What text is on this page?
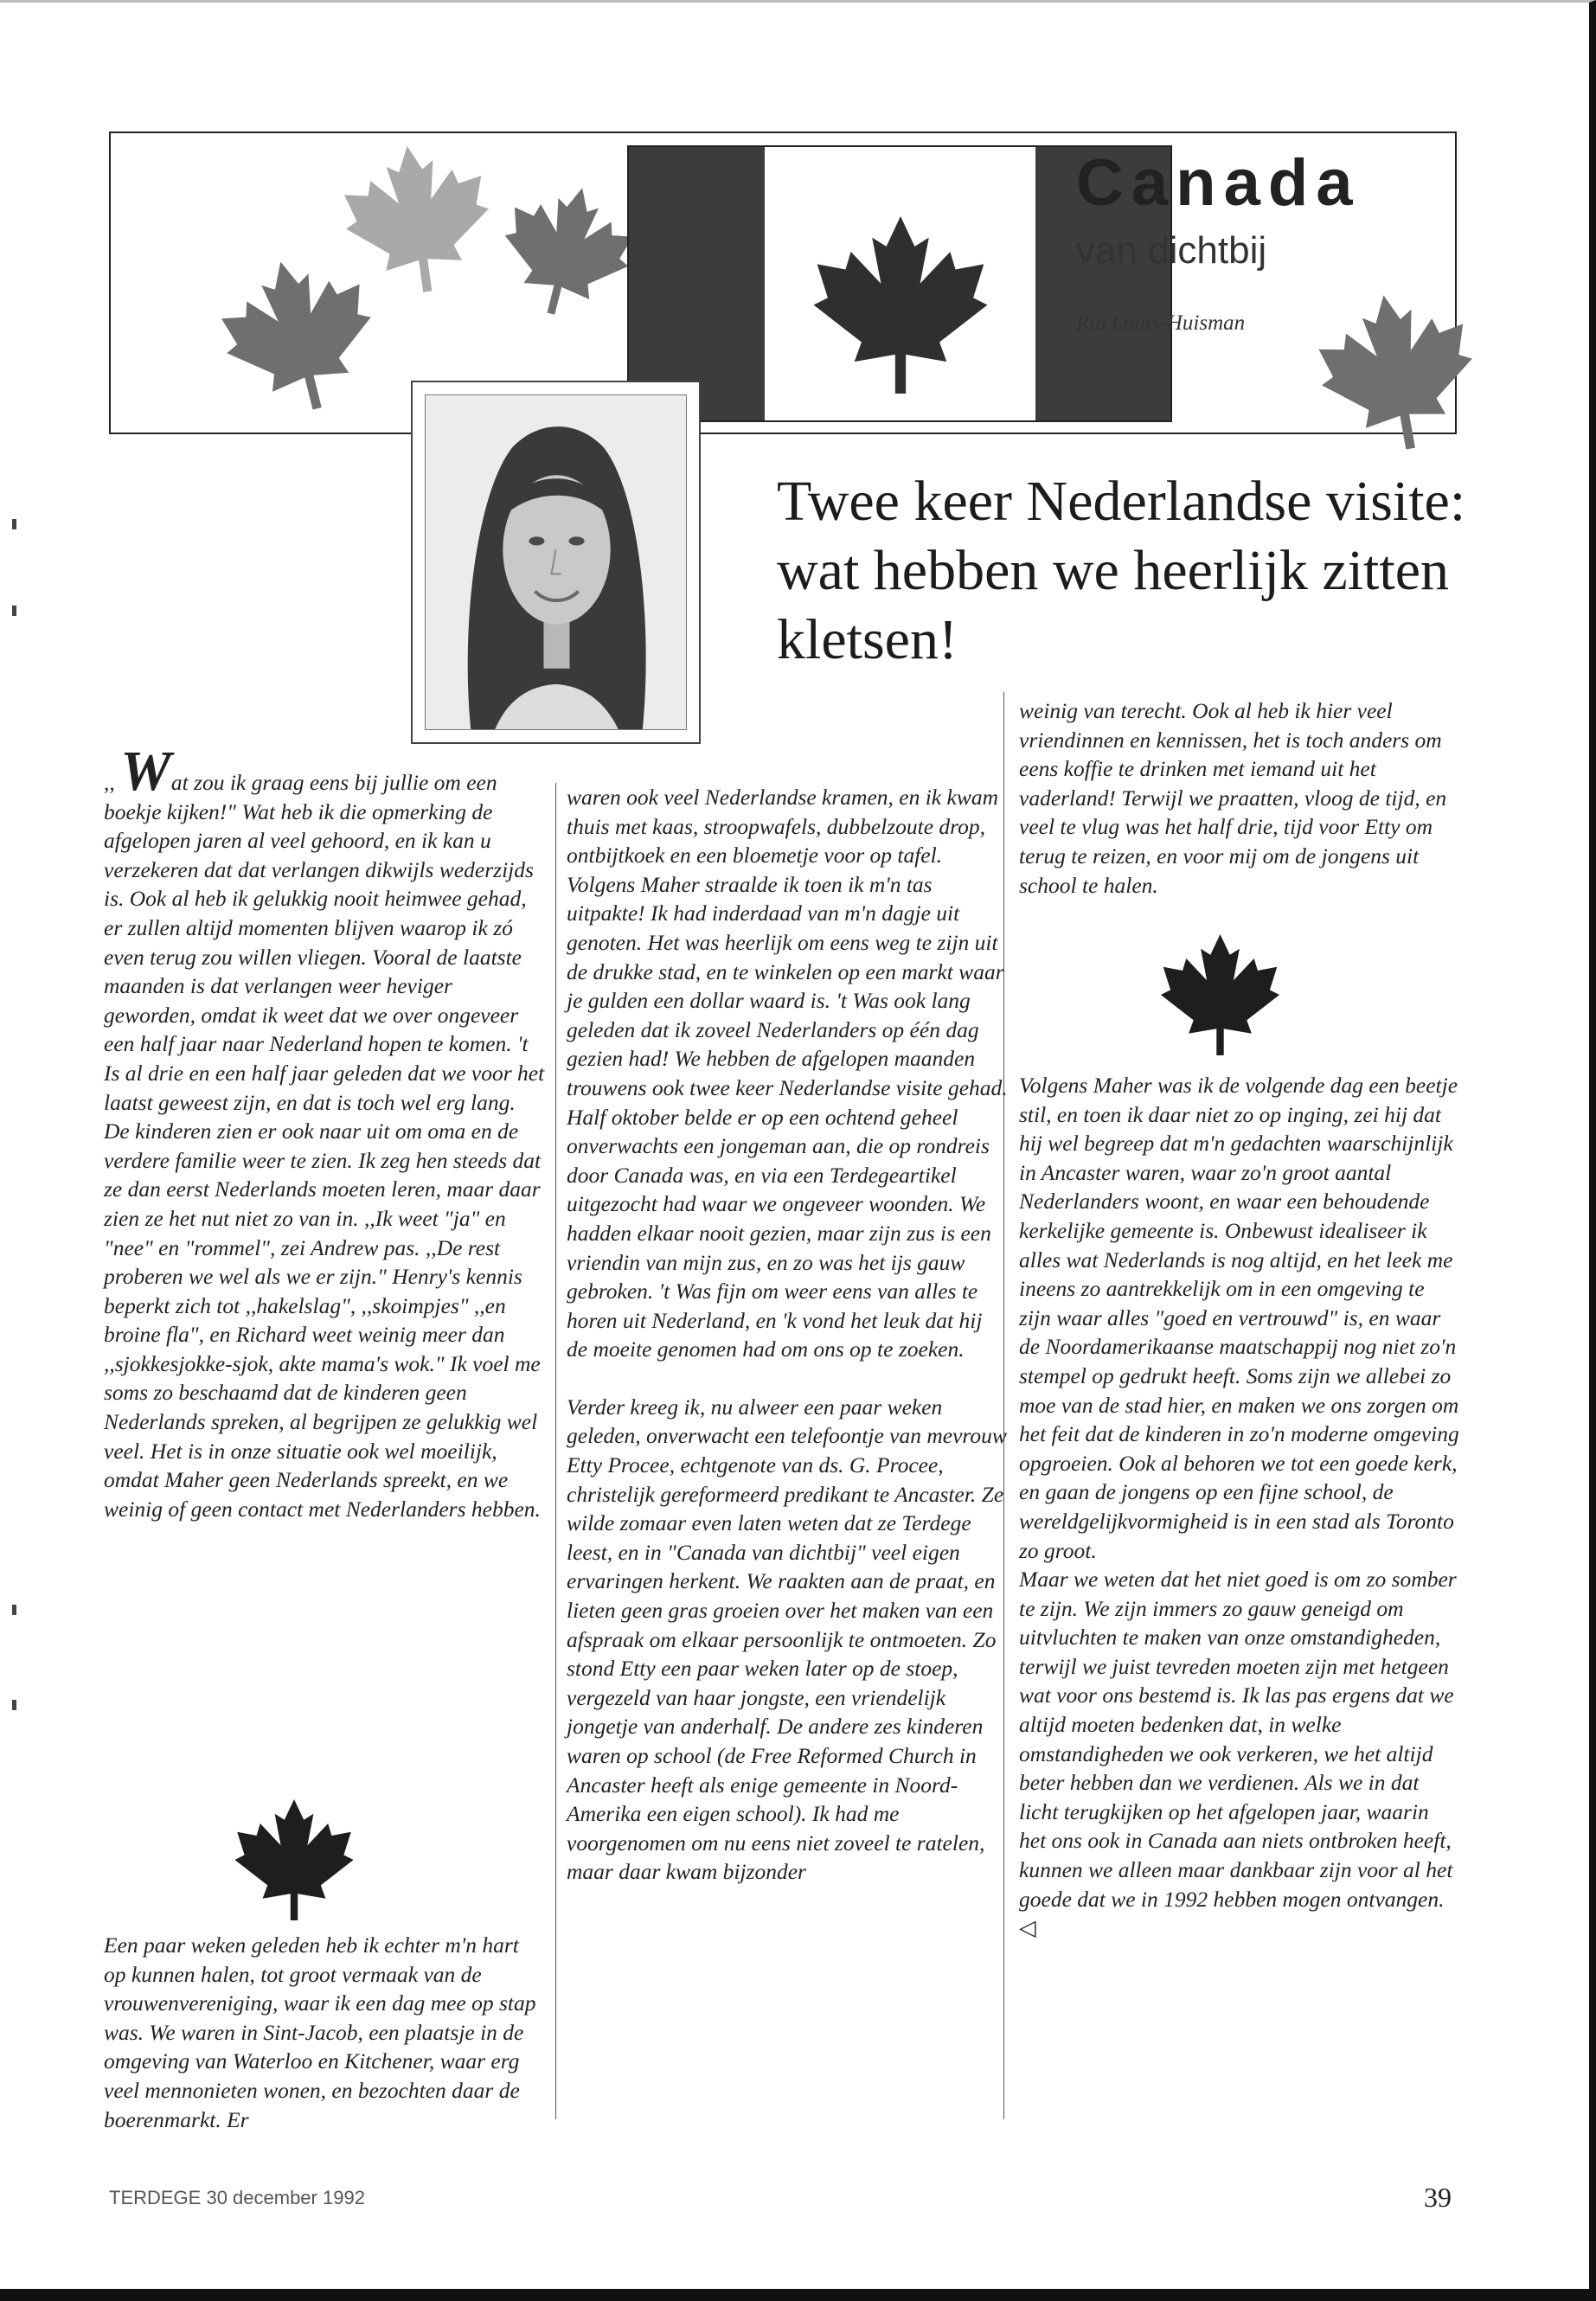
Canada
van dichtbij
Ria Louis-Huisman
Twee keer Nederlandse visite: wat hebben we heerlijk zitten kletsen!

,, Wat zou ik graag eens bij jullie om een boekje kijken!" Wat heb ik die opmerking de afgelopen jaren al veel gehoord, en ik kan u verzekeren dat dat verlangen dikwijls wederzijds is. Ook al heb ik gelukkig nooit heimwee gehad, er zullen altijd momenten blijven waarop ik zó even terug zou willen vliegen. Vooral de laatste maanden is dat verlangen weer heviger geworden, omdat ik weet dat we over ongeveer een half jaar naar Nederland hopen te komen. 't Is al drie en een half jaar geleden dat we voor het laatst geweest zijn, en dat is toch wel erg lang.

De kinderen zien er ook naar uit om oma en de verdere familie weer te zien. Ik zeg hen steeds dat ze dan eerst Nederlands moeten leren, maar daar zien ze het nut niet zo van in. ,,Ik weet "ja" en "nee" en "rommel", zei Andrew pas. ,,De rest proberen we wel als we er zijn." Henry's kennis beperkt zich tot ,,hakelslag", ,,skoimpjes" ,,en broine fla", en Richard weet weinig meer dan ,,sjokkesjokke-sjok, akte mama's wok." Ik voel me soms zo beschaamd dat de kinderen geen Nederlands spreken, al begrijpen ze gelukkig wel veel. Het is in onze situatie ook wel moeilijk, omdat Maher geen Nederlands spreekt, en we weinig of geen contact met Nederlanders hebben.

Een paar weken geleden heb ik echter m'n hart op kunnen halen, tot groot vermaak van de vrouwenvereniging, waar ik een dag mee op stap was. We waren in Sint-Jacob, een plaatsje in de omgeving van Waterloo en Kitchener, waar erg veel mennonieten wonen, en bezochten daar de boerenmarkt. Er

waren ook veel Nederlandse kramen, en ik kwam thuis met kaas, stroopwafels, dubbelzoute drop, ontbijtkoek en een bloemetje voor op tafel. Volgens Maher straalde ik toen ik m'n tas uitpakte! Ik had inderdaad van m'n dagje uit genoten. Het was heerlijk om eens weg te zijn uit de drukke stad, en te winkelen op een markt waar je gulden een dollar waard is. 't Was ook lang geleden dat ik zoveel Nederlanders op één dag gezien had! We hebben de afgelopen maanden trouwens ook twee keer Nederlandse visite gehad. Half oktober belde er op een ochtend geheel onverwachts een jongeman aan, die op rondreis door Canada was, en via een Terdegeartikel uitgezocht had waar we ongeveer woonden. We hadden elkaar nooit gezien, maar zijn zus is een vriendin van mijn zus, en zo was het ijs gauw gebroken. 't Was fijn om weer eens van alles te horen uit Nederland, en 'k vond het leuk dat hij de moeite genomen had om ons op te zoeken.

Verder kreeg ik, nu alweer een paar weken geleden, onverwacht een telefoontje van mevrouw Etty Procee, echtgenote van ds. G. Procee, christelijk gereformeerd predikant te Ancaster. Ze wilde zomaar even laten weten dat ze Terdege leest, en in "Canada van dichtbij" veel eigen ervaringen herkent. We raakten aan de praat, en lieten geen gras groeien over het maken van een afspraak om elkaar persoonlijk te ontmoeten. Zo stond Etty een paar weken later op de stoep, vergezeld van haar jongste, een vriendelijk jongetje van anderhalf. De andere zes kinderen waren op school (de Free Reformed Church in Ancaster heeft als enige gemeente in Noord-Amerika een eigen school). Ik had me voorgenomen om nu eens niet zoveel te ratelen, maar daar kwam bijzonder

weinig van terecht. Ook al heb ik hier veel vriendinnen en kennissen, het is toch anders om eens koffie te drinken met iemand uit het vaderland! Terwijl we praatten, vloog de tijd, en veel te vlug was het half drie, tijd voor Etty om terug te reizen, en voor mij om de jongens uit school te halen.

Volgens Maher was ik de volgende dag een beetje stil, en toen ik daar niet zo op inging, zei hij dat hij wel begreep dat m'n gedachten waarschijnlijk in Ancaster waren, waar zo'n groot aantal Nederlanders woont, en waar een behoudende kerkelijke gemeente is. Onbewust idealiseer ik alles wat Nederlands is nog altijd, en het leek me ineens zo aantrekkelijk om in een omgeving te zijn waar alles "goed en vertrouwd" is, en waar de Noordamerikaanse maatschappij nog niet zo'n stempel op gedrukt heeft. Soms zijn we allebei zo moe van de stad hier, en maken we ons zorgen om het feit dat de kinderen in zo'n moderne omgeving opgroeien. Ook al behoren we tot een goede kerk, en gaan de jongens op een fijne school, de wereldgelijkvormigheid is in een stad als Toronto zo groot.

Maar we weten dat het niet goed is om zo somber te zijn. We zijn immers zo gauw geneigd om uitvluchten te maken van onze omstandigheden, terwijl we juist tevreden moeten zijn met hetgeen wat voor ons bestemd is. Ik las pas ergens dat we altijd moeten bedenken dat, in welke omstandigheden we ook verkeren, we het altijd beter hebben dan we verdienen. Als we in dat licht terugkijken op het afgelopen jaar, waarin het ons ook in Canada aan niets ontbroken heeft, kunnen we alleen maar dankbaar zijn voor al het goede dat we in 1992 hebben mogen ontvangen. ◁

TERDEGE 30 december 1992	39
